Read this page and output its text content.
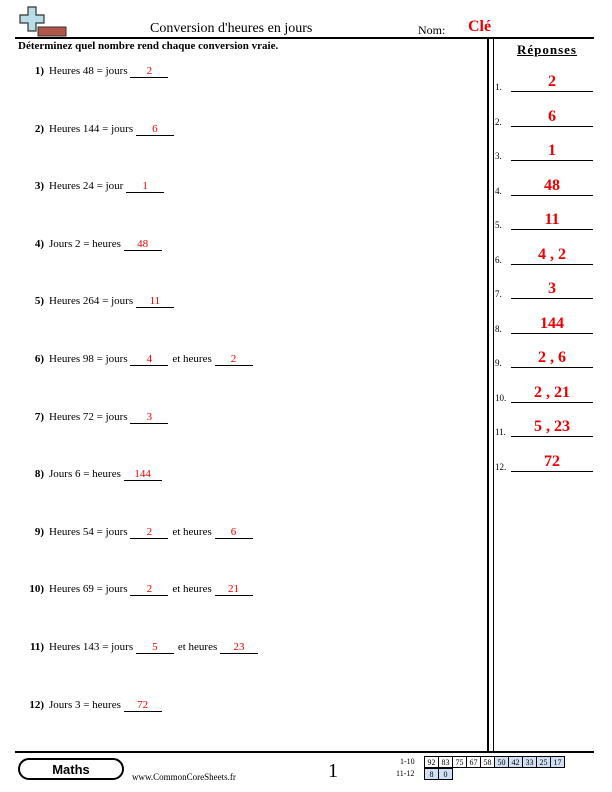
Conversion d'heures en jours	Nom: Clé
Déterminez quel nombre rend chaque conversion vraie.
1) Heures 48 = jours 2
2) Heures 144 = jours 6
3) Heures 24 = jour 1
4) Jours 2 = heures 48
5) Heures 264 = jours 11
6) Heures 98 = jours 4 et heures 2
7) Heures 72 = jours 3
8) Jours 6 = heures 144
9) Heures 54 = jours 2 et heures 6
10) Heures 69 = jours 2 et heures 21
11) Heures 143 = jours 5 et heures 23
12) Jours 3 = heures 72
Réponses
1.	2
2.	6
3.	1
4.	48
5.	11
6.	4 , 2
7.	3
8.	144
9.	2 , 6
10.	2 , 21
11.	5 , 23
12.	72
Maths	www.CommonCoreSheets.fr	1	1-10 92	83	75	67	58	50	42	33	25	17
11-12 8	0
